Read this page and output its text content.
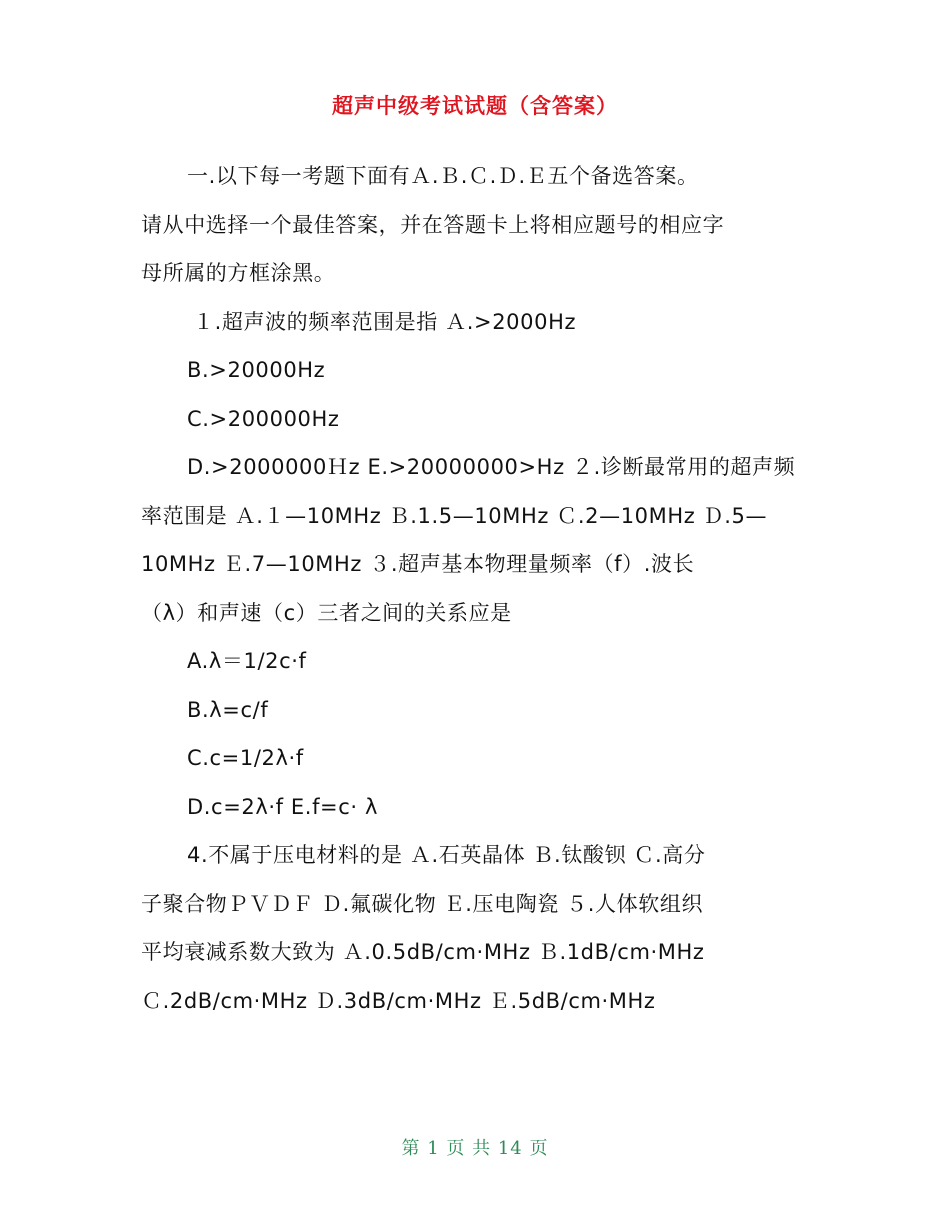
超声中级考试试题（含答案）
一.以下每一考题下面有Ａ.Ｂ.Ｃ.Ｄ.Ｅ五个备选答案。
请从中选择一个最佳答案，并在答题卡上将相应题号的相应字
母所属的方框涂黑。
１.超声波的频率范围是指 Ａ.>2000Hz
B.>20000Hz
C.>200000Hz
D.>2000000Ｈz E.>20000000>Hz ２.诊断最常用的超声频
率范围是 Ａ.１—10MHz Ｂ.1.5—10MHz Ｃ.2—10MHz Ｄ.5—
10MHz Ｅ.7—10MHz ３.超声基本物理量频率（f）.波长
（λ）和声速（c）三者之间的关系应是
A.λ＝1/2c·f
B.λ=c/f
C.c=1/2λ·f
D.c=2λ·f E.f=c· λ
4.不属于压电材料的是 Ａ.石英晶体 Ｂ.钛酸钡 Ｃ.高分
子聚合物ＰＶＤＦ Ｄ.氟碳化物 Ｅ.压电陶瓷 ５.人体软组织
平均衰减系数大致为 Ａ.0.5dB/cm·MHz Ｂ.1dB/cm·MHz
Ｃ.2dB/cm·MHz Ｄ.3dB/cm·MHz Ｅ.5dB/cm·MHz
第 1 页 共 14 页
